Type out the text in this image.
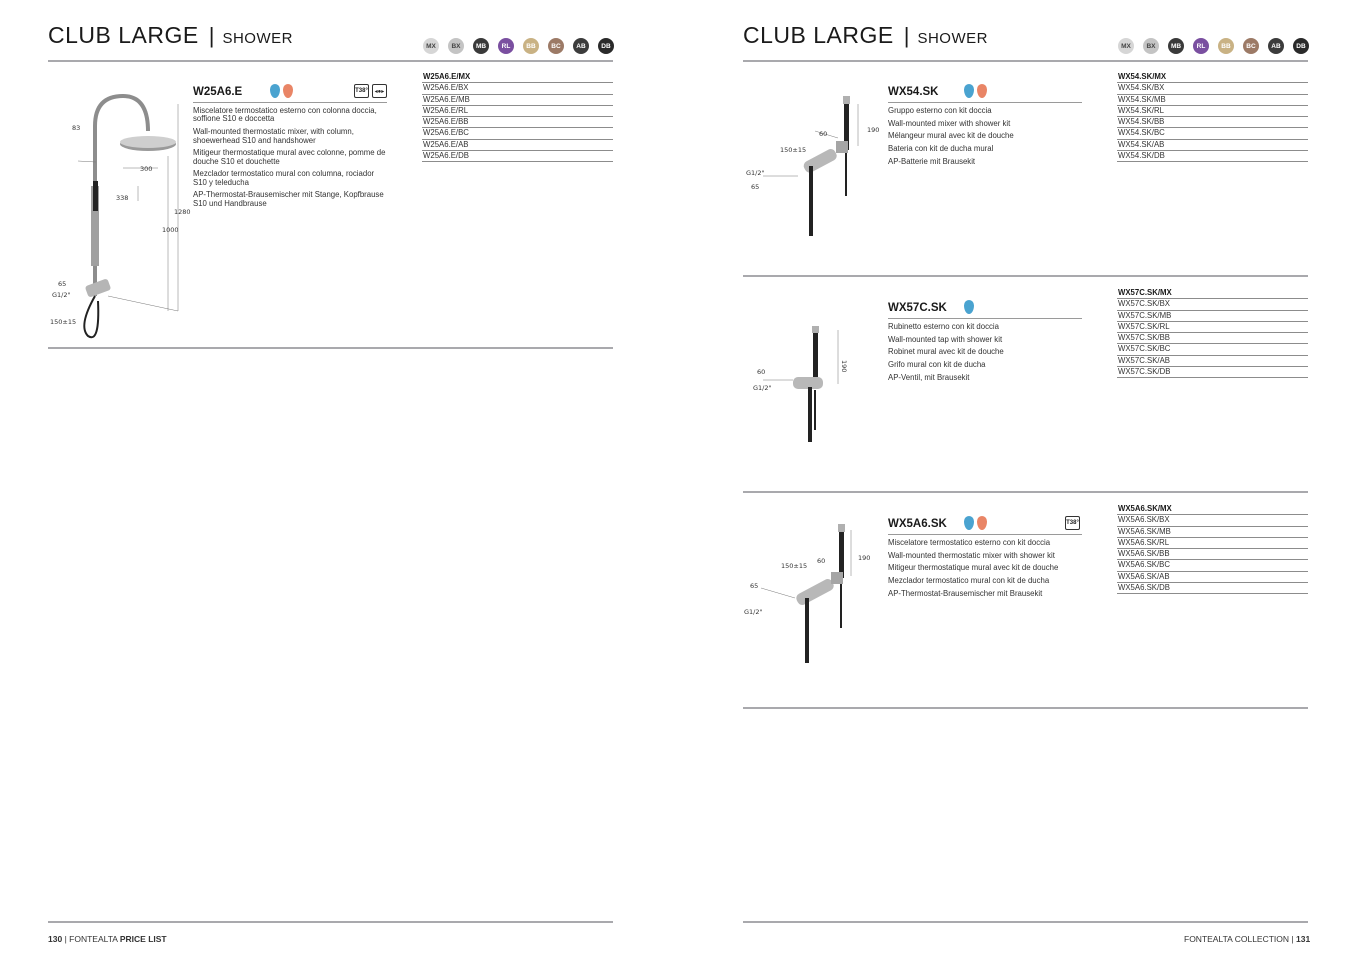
CLUB LARGE | SHOWER	MX	BX	MB	RL	BB	BC	AB	DB
83
300
338
1280
1000
65
G1/2"
150±15
W25A6.E	T38°	◂●▸

Miscelatore termostatico esterno con colonna doccia, soffione S10 e doccetta

Wall-mounted thermostatic mixer, with column, shoewerhead S10 and handshower

Mitigeur thermostatique mural avec colonne, pomme de douche S10 et douchette

Mezclador termostatico mural con columna, rociador S10 y teleducha

AP-Thermostat-Brausemischer mit Stange, Kopfbrause S10 und Handbrause

W25A6.E/MX
W25A6.E/BX
W25A6.E/MB
W25A6.E/RL
W25A6.E/BB
W25A6.E/BC
W25A6.E/AB
W25A6.E/DB
130 | FONTEALTA PRICE LIST
CLUB LARGE | SHOWER	MX	BX	MB	RL	BB	BC	AB	DB
190
60
150±15
G1/2"
65
WX54.SK

Gruppo esterno con kit doccia

Wall-mounted mixer with shower kit

Mélangeur mural avec kit de douche

Bateria con kit de ducha mural

AP-Batterie mit Brausekit

WX54.SK/MX
WX54.SK/BX
WX54.SK/MB
WX54.SK/RL
WX54.SK/BB
WX54.SK/BC
WX54.SK/AB
WX54.SK/DB
190
60
G1/2"
WX57C.SK

Rubinetto esterno con kit doccia

Wall-mounted tap with shower kit

Robinet mural avec kit de douche

Grifo mural con kit de ducha

AP-Ventil, mit Brausekit

WX57C.SK/MX
WX57C.SK/BX
WX57C.SK/MB
WX57C.SK/RL
WX57C.SK/BB
WX57C.SK/BC
WX57C.SK/AB
WX57C.SK/DB
190
60
150±15
65
G1/2"
WX5A6.SK	T38°

Miscelatore termostatico esterno con kit doccia

Wall-mounted thermostatic mixer with shower kit

Mitigeur thermostatique mural avec kit de douche

Mezclador termostatico mural con kit de ducha

AP-Thermostat-Brausemischer mit Brausekit

WX5A6.SK/MX
WX5A6.SK/BX
WX5A6.SK/MB
WX5A6.SK/RL
WX5A6.SK/BB
WX5A6.SK/BC
WX5A6.SK/AB
WX5A6.SK/DB
FONTEALTA COLLECTION | 131
